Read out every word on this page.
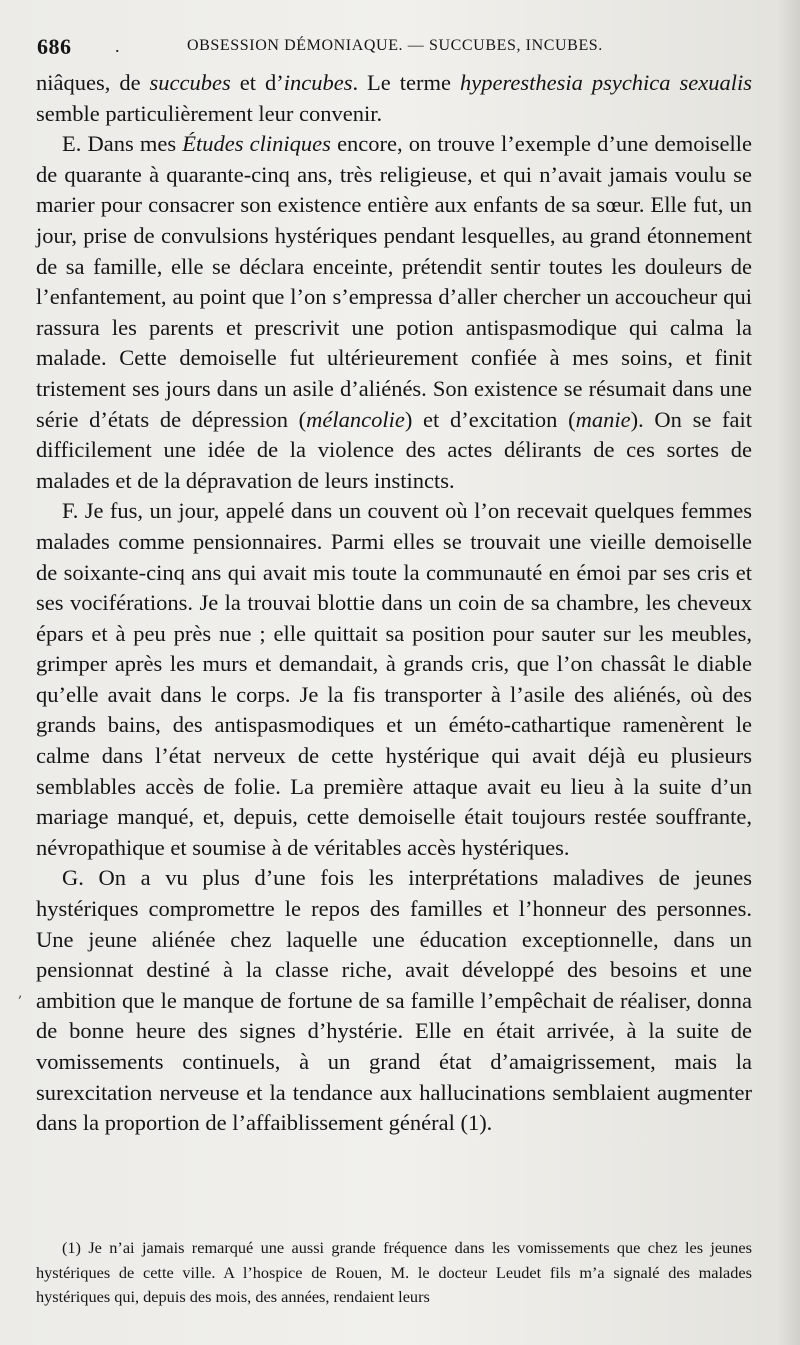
686 .	OBSESSION DÉMONIAQUE. — SUCCUBES, INCUBES.

niâques, de succubes et d’incubes. Le terme hyperesthesia psychica sexualis semble particulièrement leur convenir.

E. Dans mes Études cliniques encore, on trouve l’exemple d’une demoiselle de quarante à quarante-cinq ans, très religieuse, et qui n’avait jamais voulu se marier pour consacrer son existence entière aux enfants de sa sœur. Elle fut, un jour, prise de convulsions hystériques pendant lesquelles, au grand étonnement de sa famille, elle se déclara enceinte, prétendit sentir toutes les douleurs de l’enfantement, au point que l’on s’empressa d’aller chercher un accoucheur qui rassura les parents et prescrivit une potion antispasmodique qui calma la malade. Cette demoiselle fut ultérieurement confiée à mes soins, et finit tristement ses jours dans un asile d’aliénés. Son existence se résumait dans une série d’états de dépression (mélancolie) et d’excitation (manie). On se fait difficilement une idée de la violence des actes délirants de ces sortes de malades et de la dépravation de leurs instincts.

F. Je fus, un jour, appelé dans un couvent où l’on recevait quelques femmes malades comme pensionnaires. Parmi elles se trouvait une vieille demoiselle de soixante-cinq ans qui avait mis toute la communauté en émoi par ses cris et ses vociférations. Je la trouvai blottie dans un coin de sa chambre, les cheveux épars et à peu près nue ; elle quittait sa position pour sauter sur les meubles, grimper après les murs et demandait, à grands cris, que l’on chassât le diable qu’elle avait dans le corps. Je la fis transporter à l’asile des aliénés, où des grands bains, des antispasmodiques et un éméto-cathartique ramenèrent le calme dans l’état nerveux de cette hystérique qui avait déjà eu plusieurs semblables accès de folie. La première attaque avait eu lieu à la suite d’un mariage manqué, et, depuis, cette demoiselle était toujours restée souffrante, névropathique et soumise à de véritables accès hystériques.

G. On a vu plus d’une fois les interprétations maladives de jeunes hystériques compromettre le repos des familles et l’honneur des personnes. Une jeune aliénée chez laquelle une éducation exceptionnelle, dans un pensionnat destiné à la classe riche, avait développé des besoins et une ambition que le manque de fortune de sa famille l’empêchait de réaliser, donna de bonne heure des signes d’hystérie. Elle en était arrivée, à la suite de vomissements continuels, à un grand état d’amaigrissement, mais la surexcitation nerveuse et la tendance aux hallucinations semblaient augmenter dans la proportion de l’affaiblissement général (1).

,

(1) Je n’ai jamais remarqué une aussi grande fréquence dans les vomissements que chez les jeunes hystériques de cette ville. A l’hospice de Rouen, M. le docteur Leudet fils m’a signalé des malades hystériques qui, depuis des mois, des années, rendaient leurs
